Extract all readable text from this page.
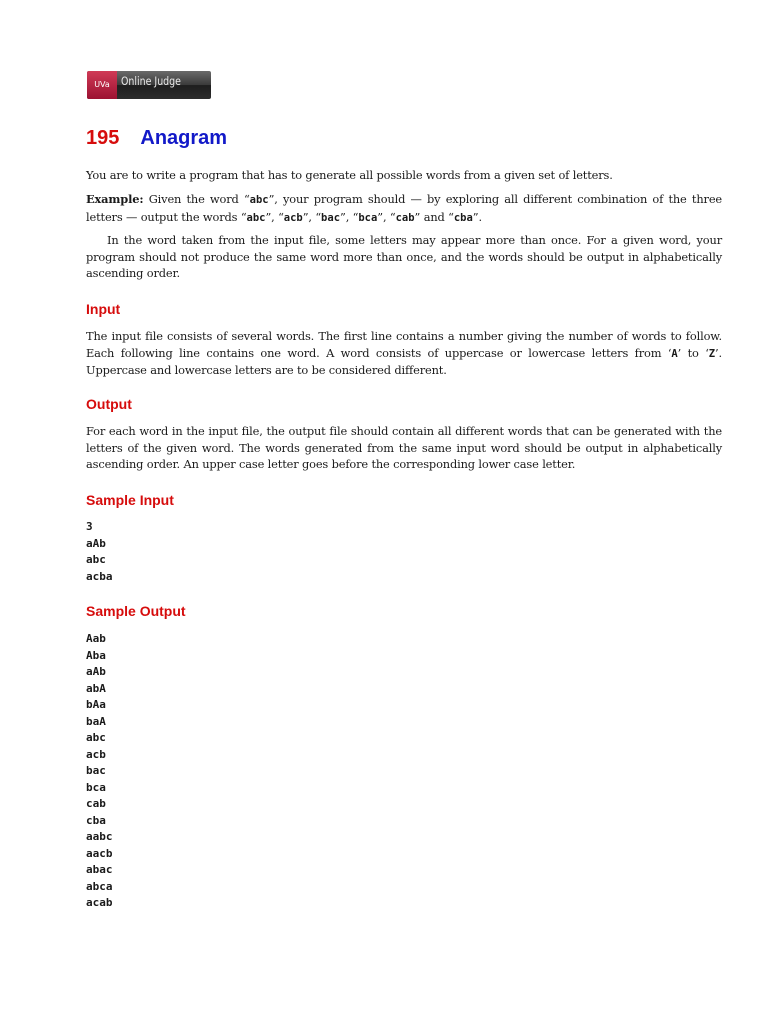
UVa Online Judge
195 Anagram

You are to write a program that has to generate all possible words from a given set of letters.

Example: Given the word “abc”, your program should — by exploring all different combination of the three letters — output the words “abc”, “acb”, “bac”, “bca”, “cab” and “cba”.

In the word taken from the input file, some letters may appear more than once. For a given word, your program should not produce the same word more than once, and the words should be output in alphabetically ascending order.

Input

The input file consists of several words. The first line contains a number giving the number of words to follow. Each following line contains one word. A word consists of uppercase or lowercase letters from ‘A’ to ‘Z’. Uppercase and lowercase letters are to be considered different.

Output

For each word in the input file, the output file should contain all different words that can be generated with the letters of the given word. The words generated from the same input word should be output in alphabetically ascending order. An upper case letter goes before the corresponding lower case letter.

Sample Input
3
aAb
abc
acba
Sample Output
Aab
Aba
aAb
abA
bAa
baA
abc
acb
bac
bca
cab
cba
aabc
aacb
abac
abca
acab
